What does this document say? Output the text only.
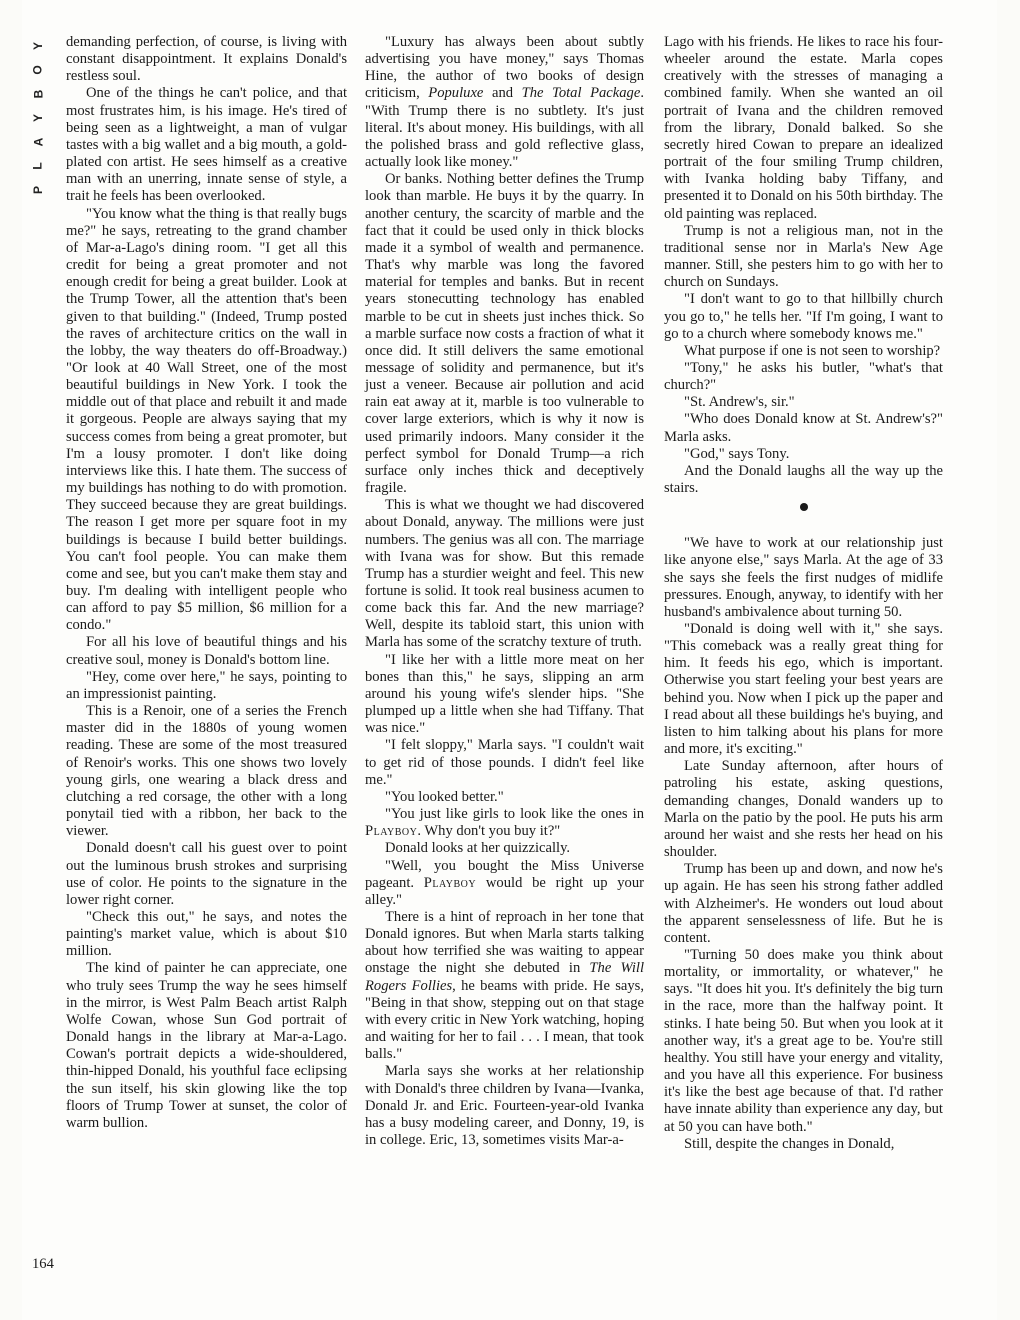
Y
O
B
Y
A
L
P

demanding perfection, of course, is living with constant disappointment. It explains Donald's restless soul.

One of the things he can't police, and that most frustrates him, is his image. He's tired of being seen as a lightweight, a man of vulgar tastes with a big wallet and a big mouth, a gold-plated con artist. He sees himself as a creative man with an unerring, innate sense of style, a trait he feels has been overlooked.

"You know what the thing is that really bugs me?" he says, retreating to the grand chamber of Mar-a-Lago's dining room. "I get all this credit for being a great promoter and not enough credit for being a great builder. Look at the Trump Tower, all the attention that's been given to that building." (Indeed, Trump posted the raves of architecture critics on the wall in the lobby, the way theaters do off-Broadway.) "Or look at 40 Wall Street, one of the most beautiful buildings in New York. I took the middle out of that place and rebuilt it and made it gorgeous. People are always saying that my success comes from being a great promoter, but I'm a lousy promoter. I don't like doing interviews like this. I hate them. The success of my buildings has nothing to do with promotion. They succeed because they are great buildings. The reason I get more per square foot in my buildings is because I build better buildings. You can't fool people. You can make them come and see, but you can't make them stay and buy. I'm dealing with intelligent people who can afford to pay $5 million, $6 million for a condo."

For all his love of beautiful things and his creative soul, money is Donald's bottom line.

"Hey, come over here," he says, pointing to an impressionist painting.

This is a Renoir, one of a series the French master did in the 1880s of young women reading. These are some of the most treasured of Renoir's works. This one shows two lovely young girls, one wearing a black dress and clutching a red corsage, the other with a long ponytail tied with a ribbon, her back to the viewer.

Donald doesn't call his guest over to point out the luminous brush strokes and surprising use of color. He points to the signature in the lower right corner.

"Check this out," he says, and notes the painting's market value, which is about $10 million.

The kind of painter he can appreciate, one who truly sees Trump the way he sees himself in the mirror, is West Palm Beach artist Ralph Wolfe Cowan, whose Sun God portrait of Donald hangs in the library at Mar-a-Lago. Cowan's portrait depicts a wide-shouldered, thin-hipped Donald, his youthful face eclipsing the sun itself, his skin glowing like the top floors of Trump Tower at sunset, the color of warm bullion.

"Luxury has always been about subtly advertising you have money," says Thomas Hine, the author of two books of design criticism, Populuxe and The Total Package. "With Trump there is no subtlety. It's just literal. It's about money. His buildings, with all the polished brass and gold reflective glass, actually look like money."

Or banks. Nothing better defines the Trump look than marble. He buys it by the quarry. In another century, the scarcity of marble and the fact that it could be used only in thick blocks made it a symbol of wealth and permanence. That's why marble was long the favored material for temples and banks. But in recent years stonecutting technology has enabled marble to be cut in sheets just inches thick. So a marble surface now costs a fraction of what it once did. It still delivers the same emotional message of solidity and permanence, but it's just a veneer. Because air pollution and acid rain eat away at it, marble is too vulnerable to cover large exteriors, which is why it now is used primarily indoors. Many consider it the perfect symbol for Donald Trump—a rich surface only inches thick and deceptively fragile.

This is what we thought we had discovered about Donald, anyway. The millions were just numbers. The genius was all con. The marriage with Ivana was for show. But this remade Trump has a sturdier weight and feel. This new fortune is solid. It took real business acumen to come back this far. And the new marriage? Well, despite its tabloid start, this union with Marla has some of the scratchy texture of truth.

"I like her with a little more meat on her bones than this," he says, slipping an arm around his young wife's slender hips. "She plumped up a little when she had Tiffany. That was nice."

"I felt sloppy," Marla says. "I couldn't wait to get rid of those pounds. I didn't feel like me."

"You looked better."

"You just like girls to look like the ones in Playboy. Why don't you buy it?"

Donald looks at her quizzically.

"Well, you bought the Miss Universe pageant. Playboy would be right up your alley."

There is a hint of reproach in her tone that Donald ignores. But when Marla starts talking about how terrified she was waiting to appear onstage the night she debuted in The Will Rogers Follies, he beams with pride. He says, "Being in that show, stepping out on that stage with every critic in New York watching, hoping and waiting for her to fail . . . I mean, that took balls."

Marla says she works at her relationship with Donald's three children by Ivana—Ivanka, Donald Jr. and Eric. Fourteen-year-old Ivanka has a busy modeling career, and Donny, 19, is in college. Eric, 13, sometimes visits Mar-a-

Lago with his friends. He likes to race his four-wheeler around the estate. Marla copes creatively with the stresses of managing a combined family. When she wanted an oil portrait of Ivana and the children removed from the library, Donald balked. So she secretly hired Cowan to prepare an idealized portrait of the four smiling Trump children, with Ivanka holding baby Tiffany, and presented it to Donald on his 50th birthday. The old painting was replaced.

Trump is not a religious man, not in the traditional sense nor in Marla's New Age manner. Still, she pesters him to go with her to church on Sundays.

"I don't want to go to that hillbilly church you go to," he tells her. "If I'm going, I want to go to a church where somebody knows me."

What purpose if one is not seen to worship?

"Tony," he asks his butler, "what's that church?"

"St. Andrew's, sir."

"Who does Donald know at St. Andrew's?" Marla asks.

"God," says Tony.

And the Donald laughs all the way up the stairs.

"We have to work at our relationship just like anyone else," says Marla. At the age of 33 she says she feels the first nudges of midlife pressures. Enough, anyway, to identify with her husband's ambivalence about turning 50.

"Donald is doing well with it," she says. "This comeback was a really great thing for him. It feeds his ego, which is important. Otherwise you start feeling your best years are behind you. Now when I pick up the paper and I read about all these buildings he's buying, and listen to him talking about his plans for more and more, it's exciting."

Late Sunday afternoon, after hours of patroling his estate, asking questions, demanding changes, Donald wanders up to Marla on the patio by the pool. He puts his arm around her waist and she rests her head on his shoulder.

Trump has been up and down, and now he's up again. He has seen his strong father addled with Alzheimer's. He wonders out loud about the apparent senselessness of life. But he is content.

"Turning 50 does make you think about mortality, or immortality, or whatever," he says. "It does hit you. It's definitely the big turn in the race, more than the halfway point. It stinks. I hate being 50. But when you look at it another way, it's a great age to be. You're still healthy. You still have your energy and vitality, and you have all this experience. For business it's like the best age because of that. I'd rather have innate ability than experience any day, but at 50 you can have both."

Still, despite the changes in Donald,

164
